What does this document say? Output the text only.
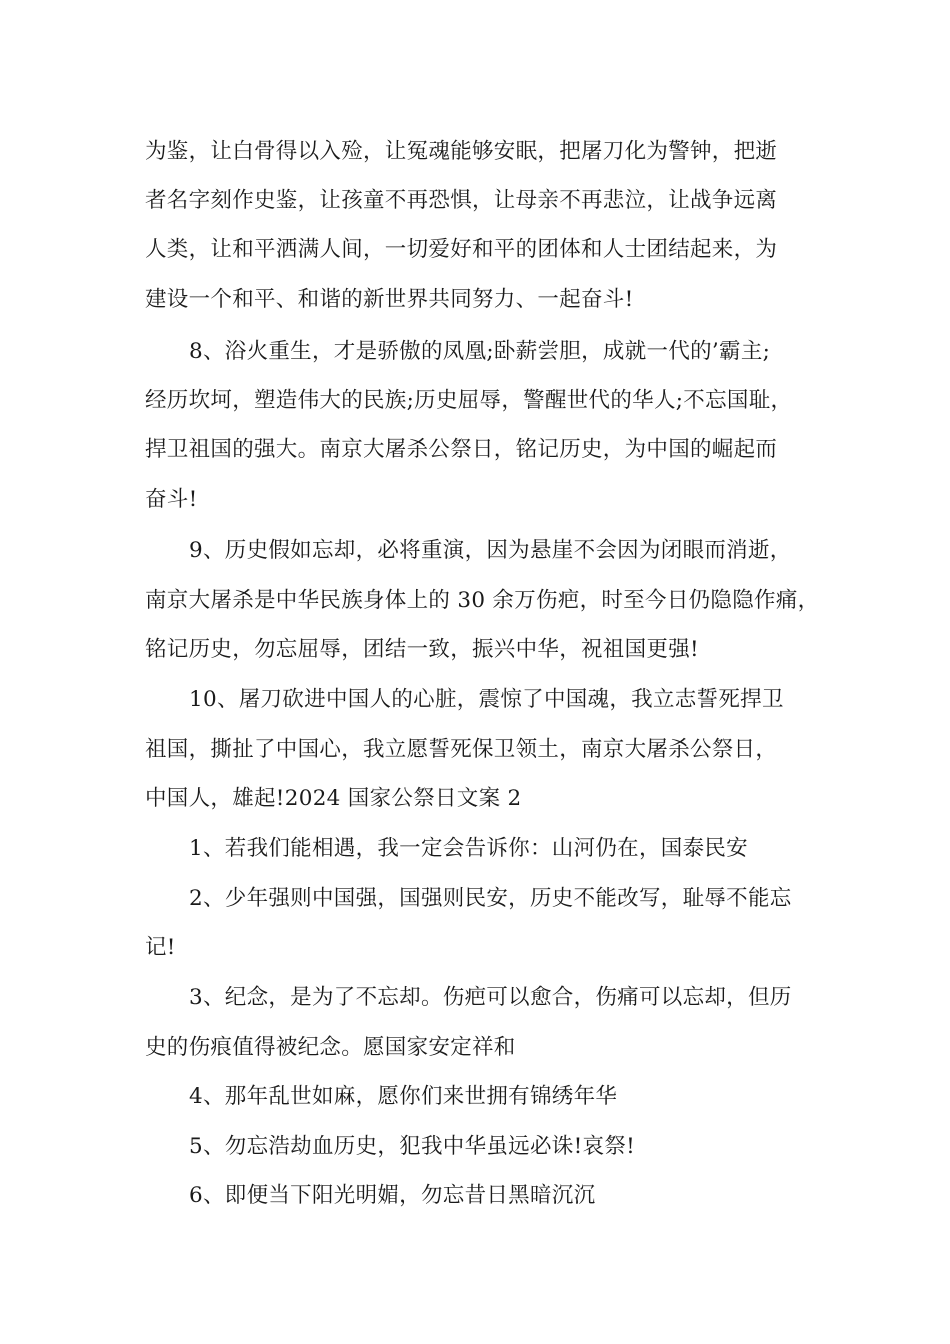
为鉴，让白骨得以入殓，让冤魂能够安眠，把屠刀化为警钟，把逝
者名字刻作史鉴，让孩童不再恐惧，让母亲不再悲泣，让战争远离
人类，让和平洒满人间，一切爱好和平的团体和人士团结起来，为
建设一个和平、和谐的新世界共同努力、一起奋斗!
8、浴火重生，才是骄傲的凤凰;卧薪尝胆，成就一代的’霸主;
经历坎坷，塑造伟大的民族;历史屈辱，警醒世代的华人;不忘国耻，
捍卫祖国的强大。南京大屠杀公祭日，铭记历史，为中国的崛起而
奋斗!
9、历史假如忘却，必将重演，因为悬崖不会因为闭眼而消逝，
南京大屠杀是中华民族身体上的 30 余万伤疤，时至今日仍隐隐作痛，
铭记历史，勿忘屈辱，团结一致，振兴中华，祝祖国更强!
10、屠刀砍进中国人的心脏，震惊了中国魂，我立志誓死捍卫
祖国，撕扯了中国心，我立愿誓死保卫领土，南京大屠杀公祭日，
中国人，雄起!2024 国家公祭日文案 2
1、若我们能相遇，我一定会告诉你：山河仍在，国泰民安
2、少年强则中国强，国强则民安，历史不能改写，耻辱不能忘
记!
3、纪念，是为了不忘却。伤疤可以愈合，伤痛可以忘却，但历
史的伤痕值得被纪念。愿国家安定祥和
4、那年乱世如麻，愿你们来世拥有锦绣年华
5、勿忘浩劫血历史，犯我中华虽远必诛!哀祭!
6、即便当下阳光明媚，勿忘昔日黑暗沉沉
